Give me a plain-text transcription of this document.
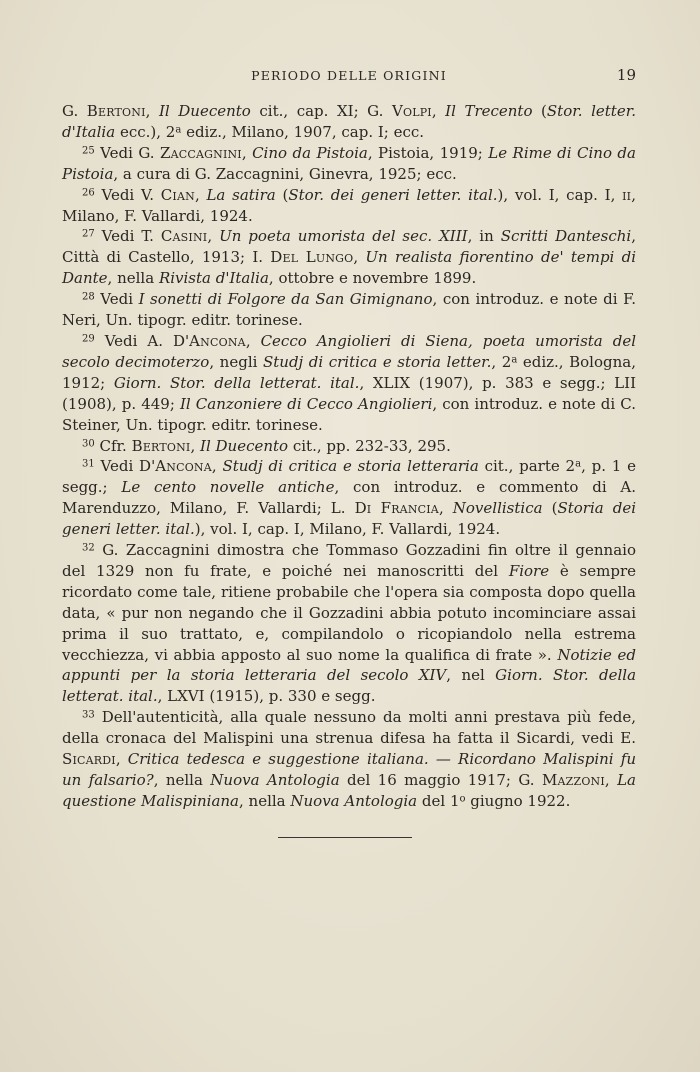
PERIODO DELLE ORIGINI	19

G. Bertoni, Il Duecento cit., cap. XI; G. Volpi, Il Trecento (Stor. letter. d'Italia ecc.), 2$^a$ ediz., Milano, 1907, cap. I; ecc.

$^{25}$ Vedi G. Zaccagnini, Cino da Pistoia, Pistoia, 1919; Le Rime di Cino da Pistoia, a cura di G. Zaccagnini, Ginevra, 1925; ecc.

$^{26}$ Vedi V. Cian, La satira (Stor. dei generi letter. ital.), vol. I, cap. I, ii, Milano, F. Vallardi, 1924.

$^{27}$ Vedi T. Casini, Un poeta umorista del sec. XIII, in Scritti Danteschi, Città di Castello, 1913; I. Del Lungo, Un realista fiorentino de' tempi di Dante, nella Rivista d'Italia, ottobre e novembre 1899.

$^{28}$ Vedi I sonetti di Folgore da San Gimignano, con introduz. e note di F. Neri, Un. tipogr. editr. torinese.

$^{29}$ Vedi A. D'Ancona, Cecco Angiolieri di Siena, poeta umorista del secolo decimoterzo, negli Studj di critica e storia letter., 2$^a$ ediz., Bologna, 1912; Giorn. Stor. della letterat. ital., XLIX (1907), p. 383 e segg.; LII (1908), p. 449; Il Canzoniere di Cecco Angiolieri, con introduz. e note di C. Steiner, Un. tipogr. editr. torinese.

$^{30}$ Cfr. Bertoni, Il Duecento cit., pp. 232-33, 295.

$^{31}$ Vedi D'Ancona, Studj di critica e storia letteraria cit., parte 2$^a$, p. 1 e segg.; Le cento novelle antiche, con introduz. e commento di A. Marenduzzo, Milano, F. Vallardi; L. Di Francia, Novellistica (Storia dei generi letter. ital.), vol. I, cap. I, Milano, F. Vallardi, 1924.

$^{32}$ G. Zaccagnini dimostra che Tommaso Gozzadini fin oltre il gennaio del 1329 non fu frate, e poiché nei manoscritti del Fiore è sempre ricordato come tale, ritiene probabile che l'opera sia composta dopo quella data, « pur non negando che il Gozzadini abbia potuto incominciare assai prima il suo trattato, e, compilandolo o ricopiandolo nella estrema vecchiezza, vi abbia apposto al suo nome la qualifica di frate ». Notizie ed appunti per la storia letteraria del secolo XIV, nel Giorn. Stor. della letterat. ital., LXVI (1915), p. 330 e segg.

$^{33}$ Dell'autenticità, alla quale nessuno da molti anni prestava più fede, della cronaca del Malispini una strenua difesa ha fatta il Sicardi, vedi E. Sicardi, Critica tedesca e suggestione italiana. — Ricordano Malispini fu un falsario?, nella Nuova Antologia del 16 maggio 1917; G. Mazzoni, La questione Malispiniana, nella Nuova Antologia del 1$^o$ giugno 1922.
